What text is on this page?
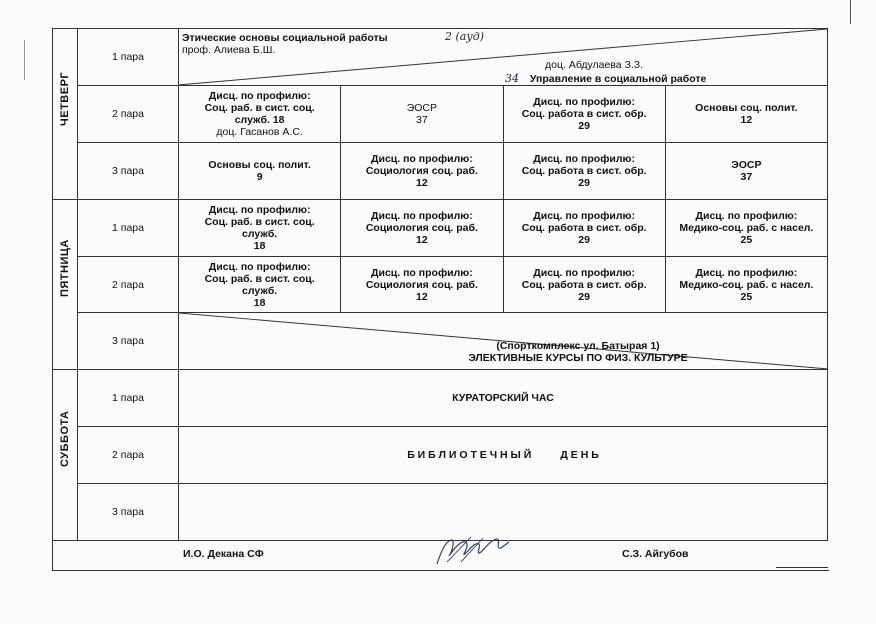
ЧЕТВЕРГ	1 пара	Этические основы социальной работы
проф. Алиева Б.Ш.
2 (ауд)
доц. Абдулаева З.З.
34 Управление в социальной работе			

	2 пара	Дисц. по профилю:
Соц. раб. в сист. соц.
служб. 18
доц. Гасанов А.С.	ЭОСР
37	Дисц. по профилю:
Соц. работа в сист. обр.
29	Основы соц. полит.
12

	3 пара	Основы соц. полит.
9	Дисц. по профилю:
Социология соц. раб.
12	Дисц. по профилю:
Соц. работа в сист. обр.
29	ЭОСР
37

ПЯТНИЦА	1 пара	Дисц. по профилю:
Соц. раб. в сист. соц.
служб.
18	Дисц. по профилю:
Социология соц. раб.
12	Дисц. по профилю:
Соц. работа в сист. обр.
29	Дисц. по профилю:
Медико-соц. раб. с насел.
25

	2 пара	Дисц. по профилю:
Соц. раб. в сист. соц.
служб.
18	Дисц. по профилю:
Социология соц. раб.
12	Дисц. по профилю:
Соц. работа в сист. обр.
29	Дисц. по профилю:
Медико-соц. раб. с насел.
25

	3 пара	(Спорткомплекс ул. Батырая 1)
ЭЛЕКТИВНЫЕ КУРСЫ ПО ФИЗ. КУЛЬТУРЕ			

СУББОТА	1 пара	КУРАТОРСКИЙ ЧАС			
	2 пара	Б И Б Л И О Т Е Ч Н Ы Й          Д Е Н Ь			
	3 пара				
И.О. Декана СФ	С.З. Айгубов
